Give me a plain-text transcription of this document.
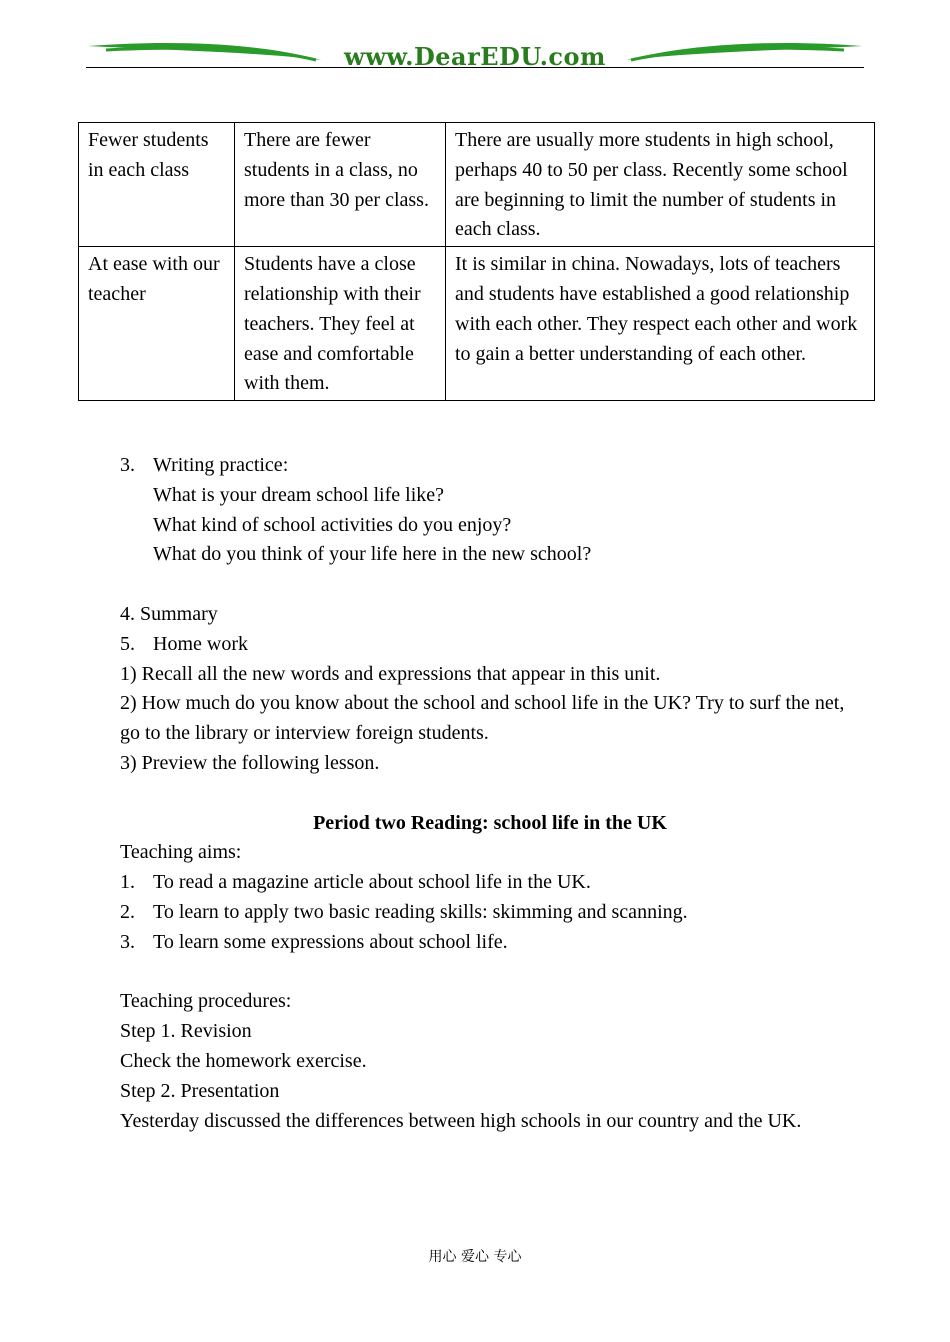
www.DearEDU.com
Fewer students in each class	There are fewer students in a class, no more than 30 per class.	There are usually more students in high school, perhaps 40 to 50 per class. Recently some school are beginning to limit the number of students in each class.
At ease with our teacher	Students have a close relationship with their teachers. They feel at ease and comfortable with them.	It is similar in china. Nowadays, lots of teachers and students have established a good relationship with each other. They respect each other and work to gain a better understanding of each other.
3. Writing practice:
What is your dream school life like?
What kind of school activities do you enjoy?
What do you think of your life here in the new school?
4. Summary
5. Home work
1) Recall all the new words and expressions that appear in this unit.
2) How much do you know about the school and school life in the UK? Try to surf the net, go to the library or interview foreign students.
3) Preview the following lesson.
Period two Reading: school life in the UK
Teaching aims:
1. To read a magazine article about school life in the UK.
2. To learn to apply two basic reading skills: skimming and scanning.
3. To learn some expressions about school life.
Teaching procedures:
Step 1. Revision
Check the homework exercise.
Step 2. Presentation
Yesterday discussed the differences between high schools in our country and the UK.
用心 爱心 专心
